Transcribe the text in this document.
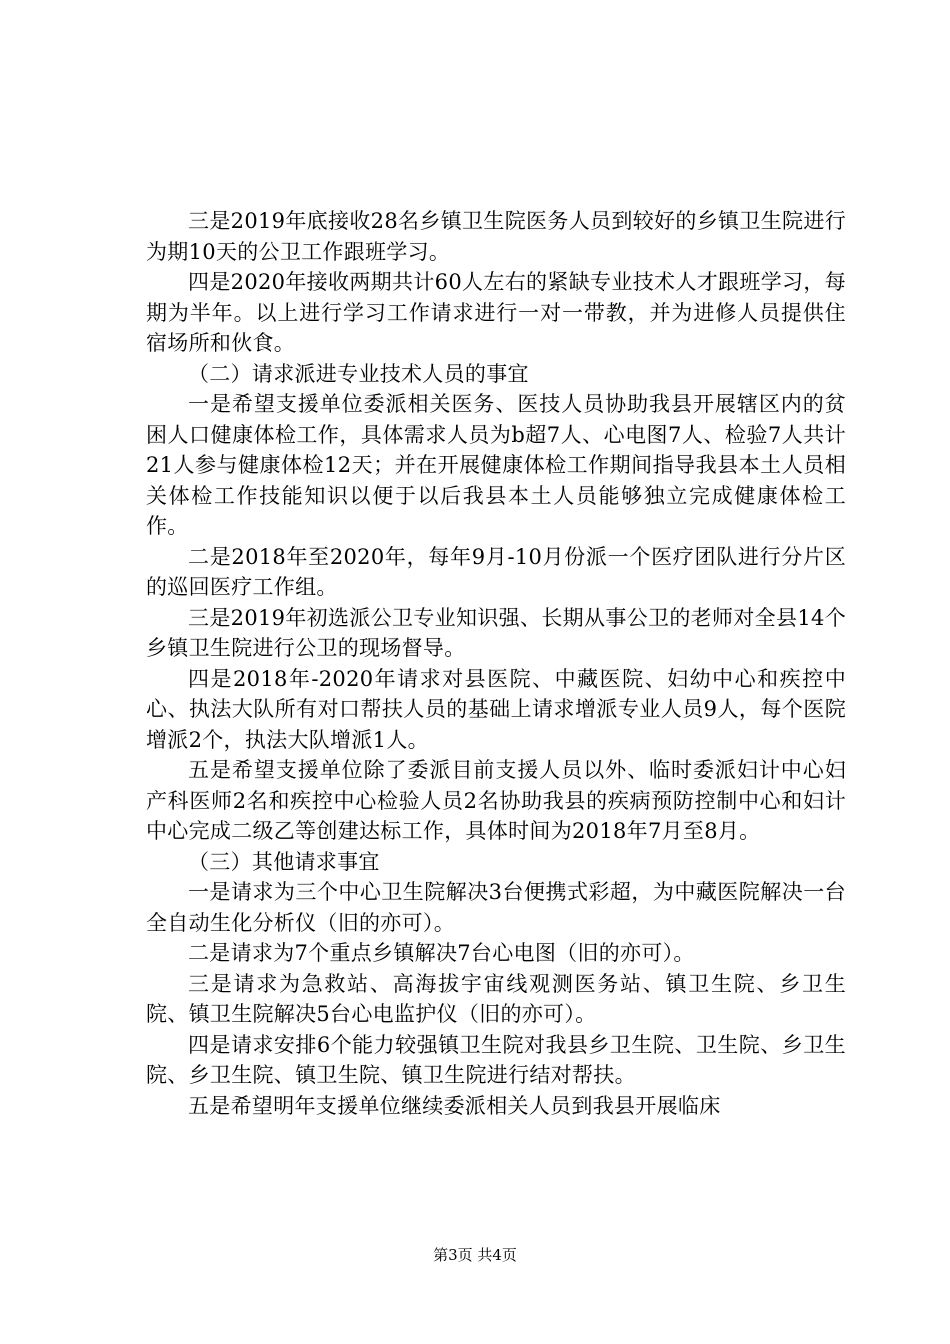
三是2019年底接收28名乡镇卫生院医务人员到较好的乡镇卫生院进行为期10天的公卫工作跟班学习。

四是2020年接收两期共计60人左右的紧缺专业技术人才跟班学习，每期为半年。以上进行学习工作请求进行一对一带教，并为进修人员提供住宿场所和伙食。

（二）请求派进专业技术人员的事宜

一是希望支援单位委派相关医务、医技人员协助我县开展辖区内的贫困人口健康体检工作，具体需求人员为b超7人、心电图7人、检验7人共计21人参与健康体检12天；并在开展健康体检工作期间指导我县本土人员相关体检工作技能知识以便于以后我县本土人员能够独立完成健康体检工作。

二是2018年至2020年，每年9月-10月份派一个医疗团队进行分片区的巡回医疗工作组。

三是2019年初选派公卫专业知识强、长期从事公卫的老师对全县14个乡镇卫生院进行公卫的现场督导。

四是2018年-2020年请求对县医院、中藏医院、妇幼中心和疾控中心、执法大队所有对口帮扶人员的基础上请求增派专业人员9人，每个医院增派2个，执法大队增派1人。

五是希望支援单位除了委派目前支援人员以外、临时委派妇计中心妇产科医师2名和疾控中心检验人员2名协助我县的疾病预防控制中心和妇计中心完成二级乙等创建达标工作，具体时间为2018年7月至8月。

（三）其他请求事宜

一是请求为三个中心卫生院解决3台便携式彩超，为中藏医院解决一台全自动生化分析仪（旧的亦可）。

二是请求为7个重点乡镇解决7台心电图（旧的亦可）。

三是请求为急救站、高海拔宇宙线观测医务站、镇卫生院、乡卫生院、镇卫生院解决5台心电监护仪（旧的亦可）。

四是请求安排6个能力较强镇卫生院对我县乡卫生院、卫生院、乡卫生院、乡卫生院、镇卫生院、镇卫生院进行结对帮扶。

五是希望明年支援单位继续委派相关人员到我县开展临床

第3页 共4页
